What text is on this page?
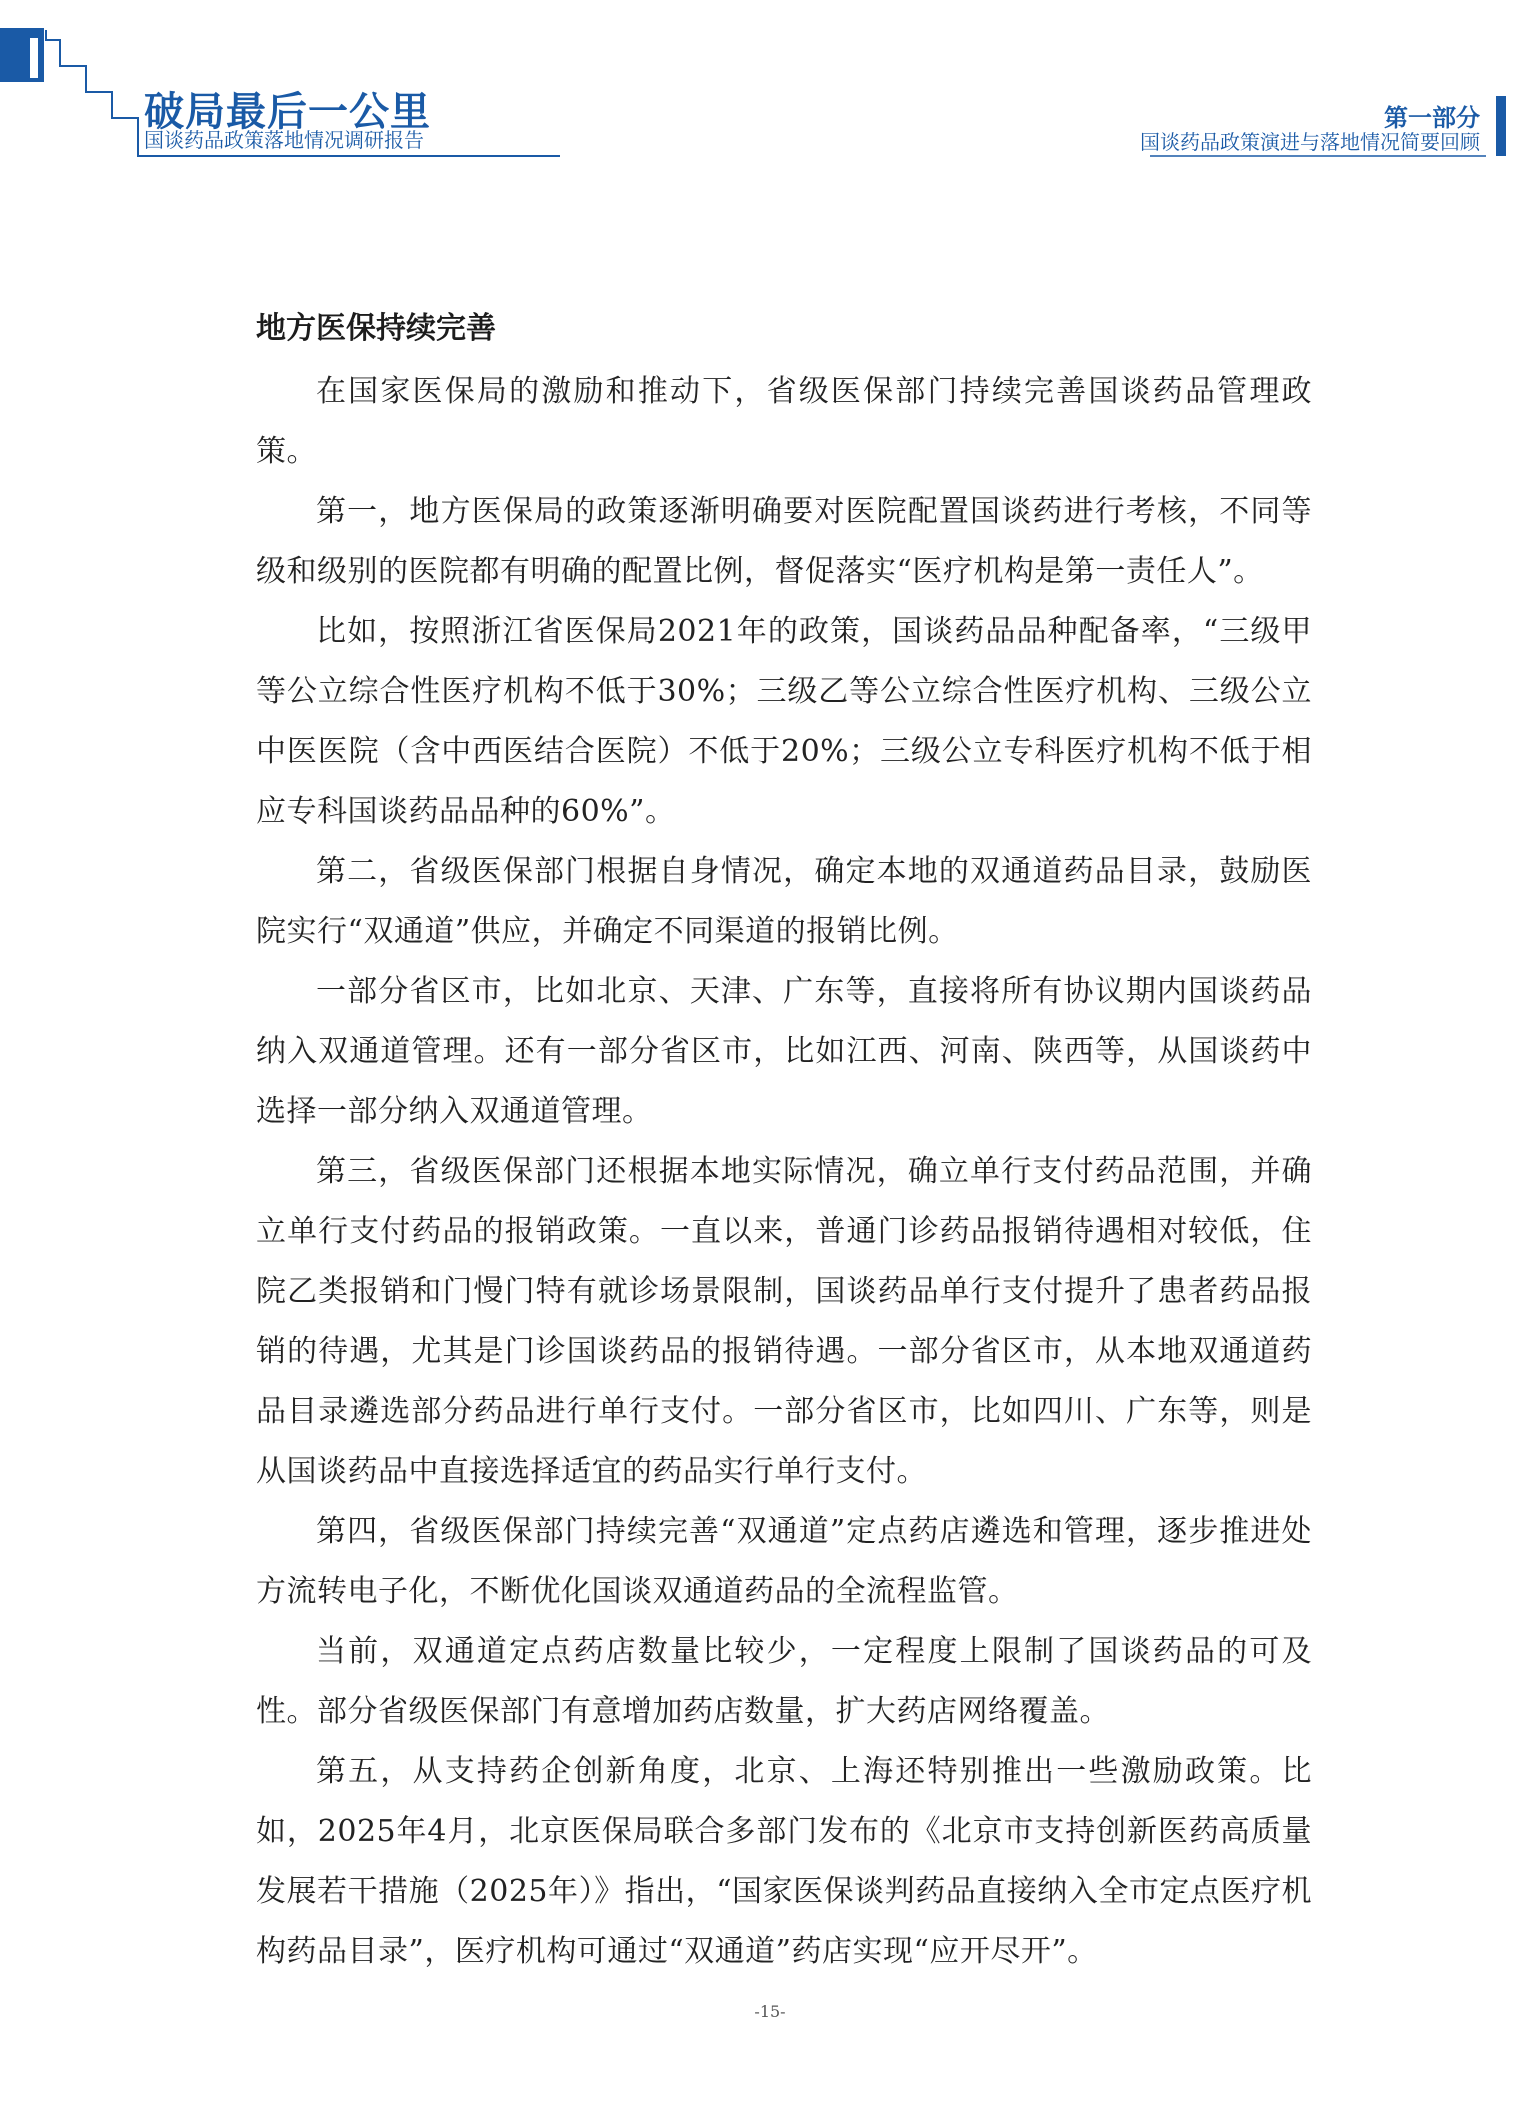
破局最后一公里
国谈药品政策落地情况调研报告
第一部分
国谈药品政策演进与落地情况简要回顾
地方医保持续完善

在国家医保局的激励和推动下，省级医保部门持续完善国谈药品管理政策。

第一，地方医保局的政策逐渐明确要对医院配置国谈药进行考核，不同等级和级别的医院都有明确的配置比例，督促落实“医疗机构是第一责任人”。

比如，按照浙江省医保局2021年的政策，国谈药品品种配备率，“三级甲等公立综合性医疗机构不低于30%；三级乙等公立综合性医疗机构、三级公立中医医院（含中西医结合医院）不低于20%；三级公立专科医疗机构不低于相应专科国谈药品品种的60%”。

第二，省级医保部门根据自身情况，确定本地的双通道药品目录，鼓励医院实行“双通道”供应，并确定不同渠道的报销比例。

一部分省区市，比如北京、天津、广东等，直接将所有协议期内国谈药品纳入双通道管理。还有一部分省区市，比如江西、河南、陕西等，从国谈药中选择一部分纳入双通道管理。

第三，省级医保部门还根据本地实际情况，确立单行支付药品范围，并确立单行支付药品的报销政策。一直以来，普通门诊药品报销待遇相对较低，住院乙类报销和门慢门特有就诊场景限制，国谈药品单行支付提升了患者药品报销的待遇，尤其是门诊国谈药品的报销待遇。一部分省区市，从本地双通道药品目录遴选部分药品进行单行支付。一部分省区市，比如四川、广东等，则是从国谈药品中直接选择适宜的药品实行单行支付。

第四，省级医保部门持续完善“双通道”定点药店遴选和管理，逐步推进处方流转电子化，不断优化国谈双通道药品的全流程监管。

当前，双通道定点药店数量比较少，一定程度上限制了国谈药品的可及性。部分省级医保部门有意增加药店数量，扩大药店网络覆盖。

第五，从支持药企创新角度，北京、上海还特别推出一些激励政策。比如，2025年4月，北京医保局联合多部门发布的《北京市支持创新医药高质量发展若干措施（2025年）》指出，“国家医保谈判药品直接纳入全市定点医疗机构药品目录”，医疗机构可通过“双通道”药店实现“应开尽开”。

-15-
